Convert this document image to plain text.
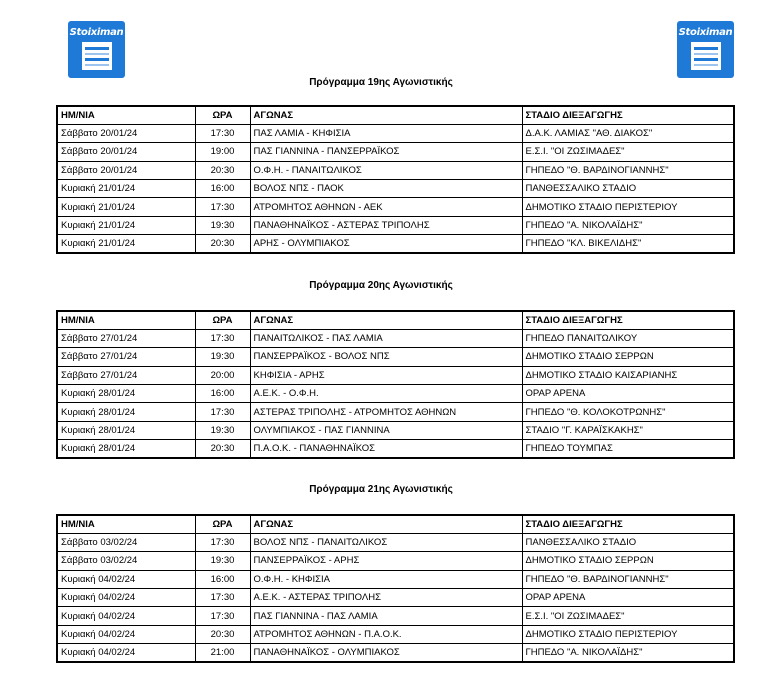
Stoiximan	Stoiximan
Πρόγραμμα 19ης Αγωνιστικής
ΗΜ/ΝΙΑ	ΩΡΑ	ΑΓΩΝΑΣ	ΣΤΑΔΙΟ ΔΙΕΞΑΓΩΓΗΣ
Σάββατο 20/01/24	17:30	ΠΑΣ ΛΑΜΙΑ - ΚΗΦΙΣΙΑ	Δ.Α.Κ. ΛΑΜΙΑΣ "ΑΘ. ΔΙΑΚΟΣ"
Σάββατο 20/01/24	19:00	ΠΑΣ ΓΙΑΝΝΙΝΑ - ΠΑΝΣΕΡΡΑΪΚΟΣ	Ε.Σ.Ι. "ΟΙ ΖΩΣΙΜΑΔΕΣ"
Σάββατο 20/01/24	20:30	Ο.Φ.Η. - ΠΑΝΑΙΤΩΛΙΚΟΣ	ΓΗΠΕΔΟ "Θ. ΒΑΡΔΙΝΟΓΙΑΝΝΗΣ"
Κυριακή 21/01/24	16:00	ΒΟΛΟΣ ΝΠΣ - ΠΑΟΚ	ΠΑΝΘΕΣΣΑΛΙΚΟ ΣΤΑΔΙΟ
Κυριακή 21/01/24	17:30	ΑΤΡΟΜΗΤΟΣ ΑΘΗΝΩΝ - ΑΕΚ	ΔΗΜΟΤΙΚΟ ΣΤΑΔΙΟ ΠΕΡΙΣΤΕΡΙΟΥ
Κυριακή 21/01/24	19:30	ΠΑΝΑΘΗΝΑΪΚΟΣ - ΑΣΤΕΡΑΣ ΤΡΙΠΟΛΗΣ	ΓΗΠΕΔΟ "Α. ΝΙΚΟΛΑΪΔΗΣ"
Κυριακή 21/01/24	20:30	ΑΡΗΣ - ΟΛΥΜΠΙΑΚΟΣ	ΓΗΠΕΔΟ "ΚΛ. ΒΙΚΕΛΙΔΗΣ"
Πρόγραμμα 20ης Αγωνιστικής
ΗΜ/ΝΙΑ	ΩΡΑ	ΑΓΩΝΑΣ	ΣΤΑΔΙΟ ΔΙΕΞΑΓΩΓΗΣ
Σάββατο 27/01/24	17:30	ΠΑΝΑΙΤΩΛΙΚΟΣ - ΠΑΣ ΛΑΜΙΑ	ΓΗΠΕΔΟ ΠΑΝΑΙΤΩΛΙΚΟΥ
Σάββατο 27/01/24	19:30	ΠΑΝΣΕΡΡΑΪΚΟΣ - ΒΟΛΟΣ ΝΠΣ	ΔΗΜΟΤΙΚΟ ΣΤΑΔΙΟ ΣΕΡΡΩΝ
Σάββατο 27/01/24	20:00	ΚΗΦΙΣΙΑ - ΑΡΗΣ	ΔΗΜΟΤΙΚΟ ΣΤΑΔΙΟ ΚΑΙΣΑΡΙΑΝΗΣ
Κυριακή 28/01/24	16:00	Α.Ε.Κ. - Ο.Φ.Η.	ΟΡΑΡ ΑΡΕΝΑ
Κυριακή 28/01/24	17:30	ΑΣΤΕΡΑΣ ΤΡΙΠΟΛΗΣ - ΑΤΡΟΜΗΤΟΣ ΑΘΗΝΩΝ	ΓΗΠΕΔΟ "Θ. ΚΟΛΟΚΟΤΡΩΝΗΣ"
Κυριακή 28/01/24	19:30	ΟΛΥΜΠΙΑΚΟΣ - ΠΑΣ ΓΙΑΝΝΙΝΑ	ΣΤΑΔΙΟ "Γ. ΚΑΡΑΪΣΚΑΚΗΣ"
Κυριακή 28/01/24	20:30	Π.Α.Ο.Κ. - ΠΑΝΑΘΗΝΑΪΚΟΣ	ΓΗΠΕΔΟ ΤΟΥΜΠΑΣ
Πρόγραμμα 21ης Αγωνιστικής
ΗΜ/ΝΙΑ	ΩΡΑ	ΑΓΩΝΑΣ	ΣΤΑΔΙΟ ΔΙΕΞΑΓΩΓΗΣ
Σάββατο 03/02/24	17:30	ΒΟΛΟΣ ΝΠΣ - ΠΑΝΑΙΤΩΛΙΚΟΣ	ΠΑΝΘΕΣΣΑΛΙΚΟ ΣΤΑΔΙΟ
Σάββατο 03/02/24	19:30	ΠΑΝΣΕΡΡΑΪΚΟΣ - ΑΡΗΣ	ΔΗΜΟΤΙΚΟ ΣΤΑΔΙΟ ΣΕΡΡΩΝ
Κυριακή 04/02/24	16:00	Ο.Φ.Η. - ΚΗΦΙΣΙΑ	ΓΗΠΕΔΟ "Θ. ΒΑΡΔΙΝΟΓΙΑΝΝΗΣ"
Κυριακή 04/02/24	17:30	Α.Ε.Κ. - ΑΣΤΕΡΑΣ ΤΡΙΠΟΛΗΣ	ΟΡΑΡ ΑΡΕΝΑ
Κυριακή 04/02/24	17:30	ΠΑΣ ΓΙΑΝΝΙΝΑ - ΠΑΣ ΛΑΜΙΑ	Ε.Σ.Ι. "ΟΙ ΖΩΣΙΜΑΔΕΣ"
Κυριακή 04/02/24	20:30	ΑΤΡΟΜΗΤΟΣ ΑΘΗΝΩΝ - Π.Α.Ο.Κ.	ΔΗΜΟΤΙΚΟ ΣΤΑΔΙΟ ΠΕΡΙΣΤΕΡΙΟΥ
Κυριακή 04/02/24	21:00	ΠΑΝΑΘΗΝΑΪΚΟΣ - ΟΛΥΜΠΙΑΚΟΣ	ΓΗΠΕΔΟ "Α. ΝΙΚΟΛΑΪΔΗΣ"
